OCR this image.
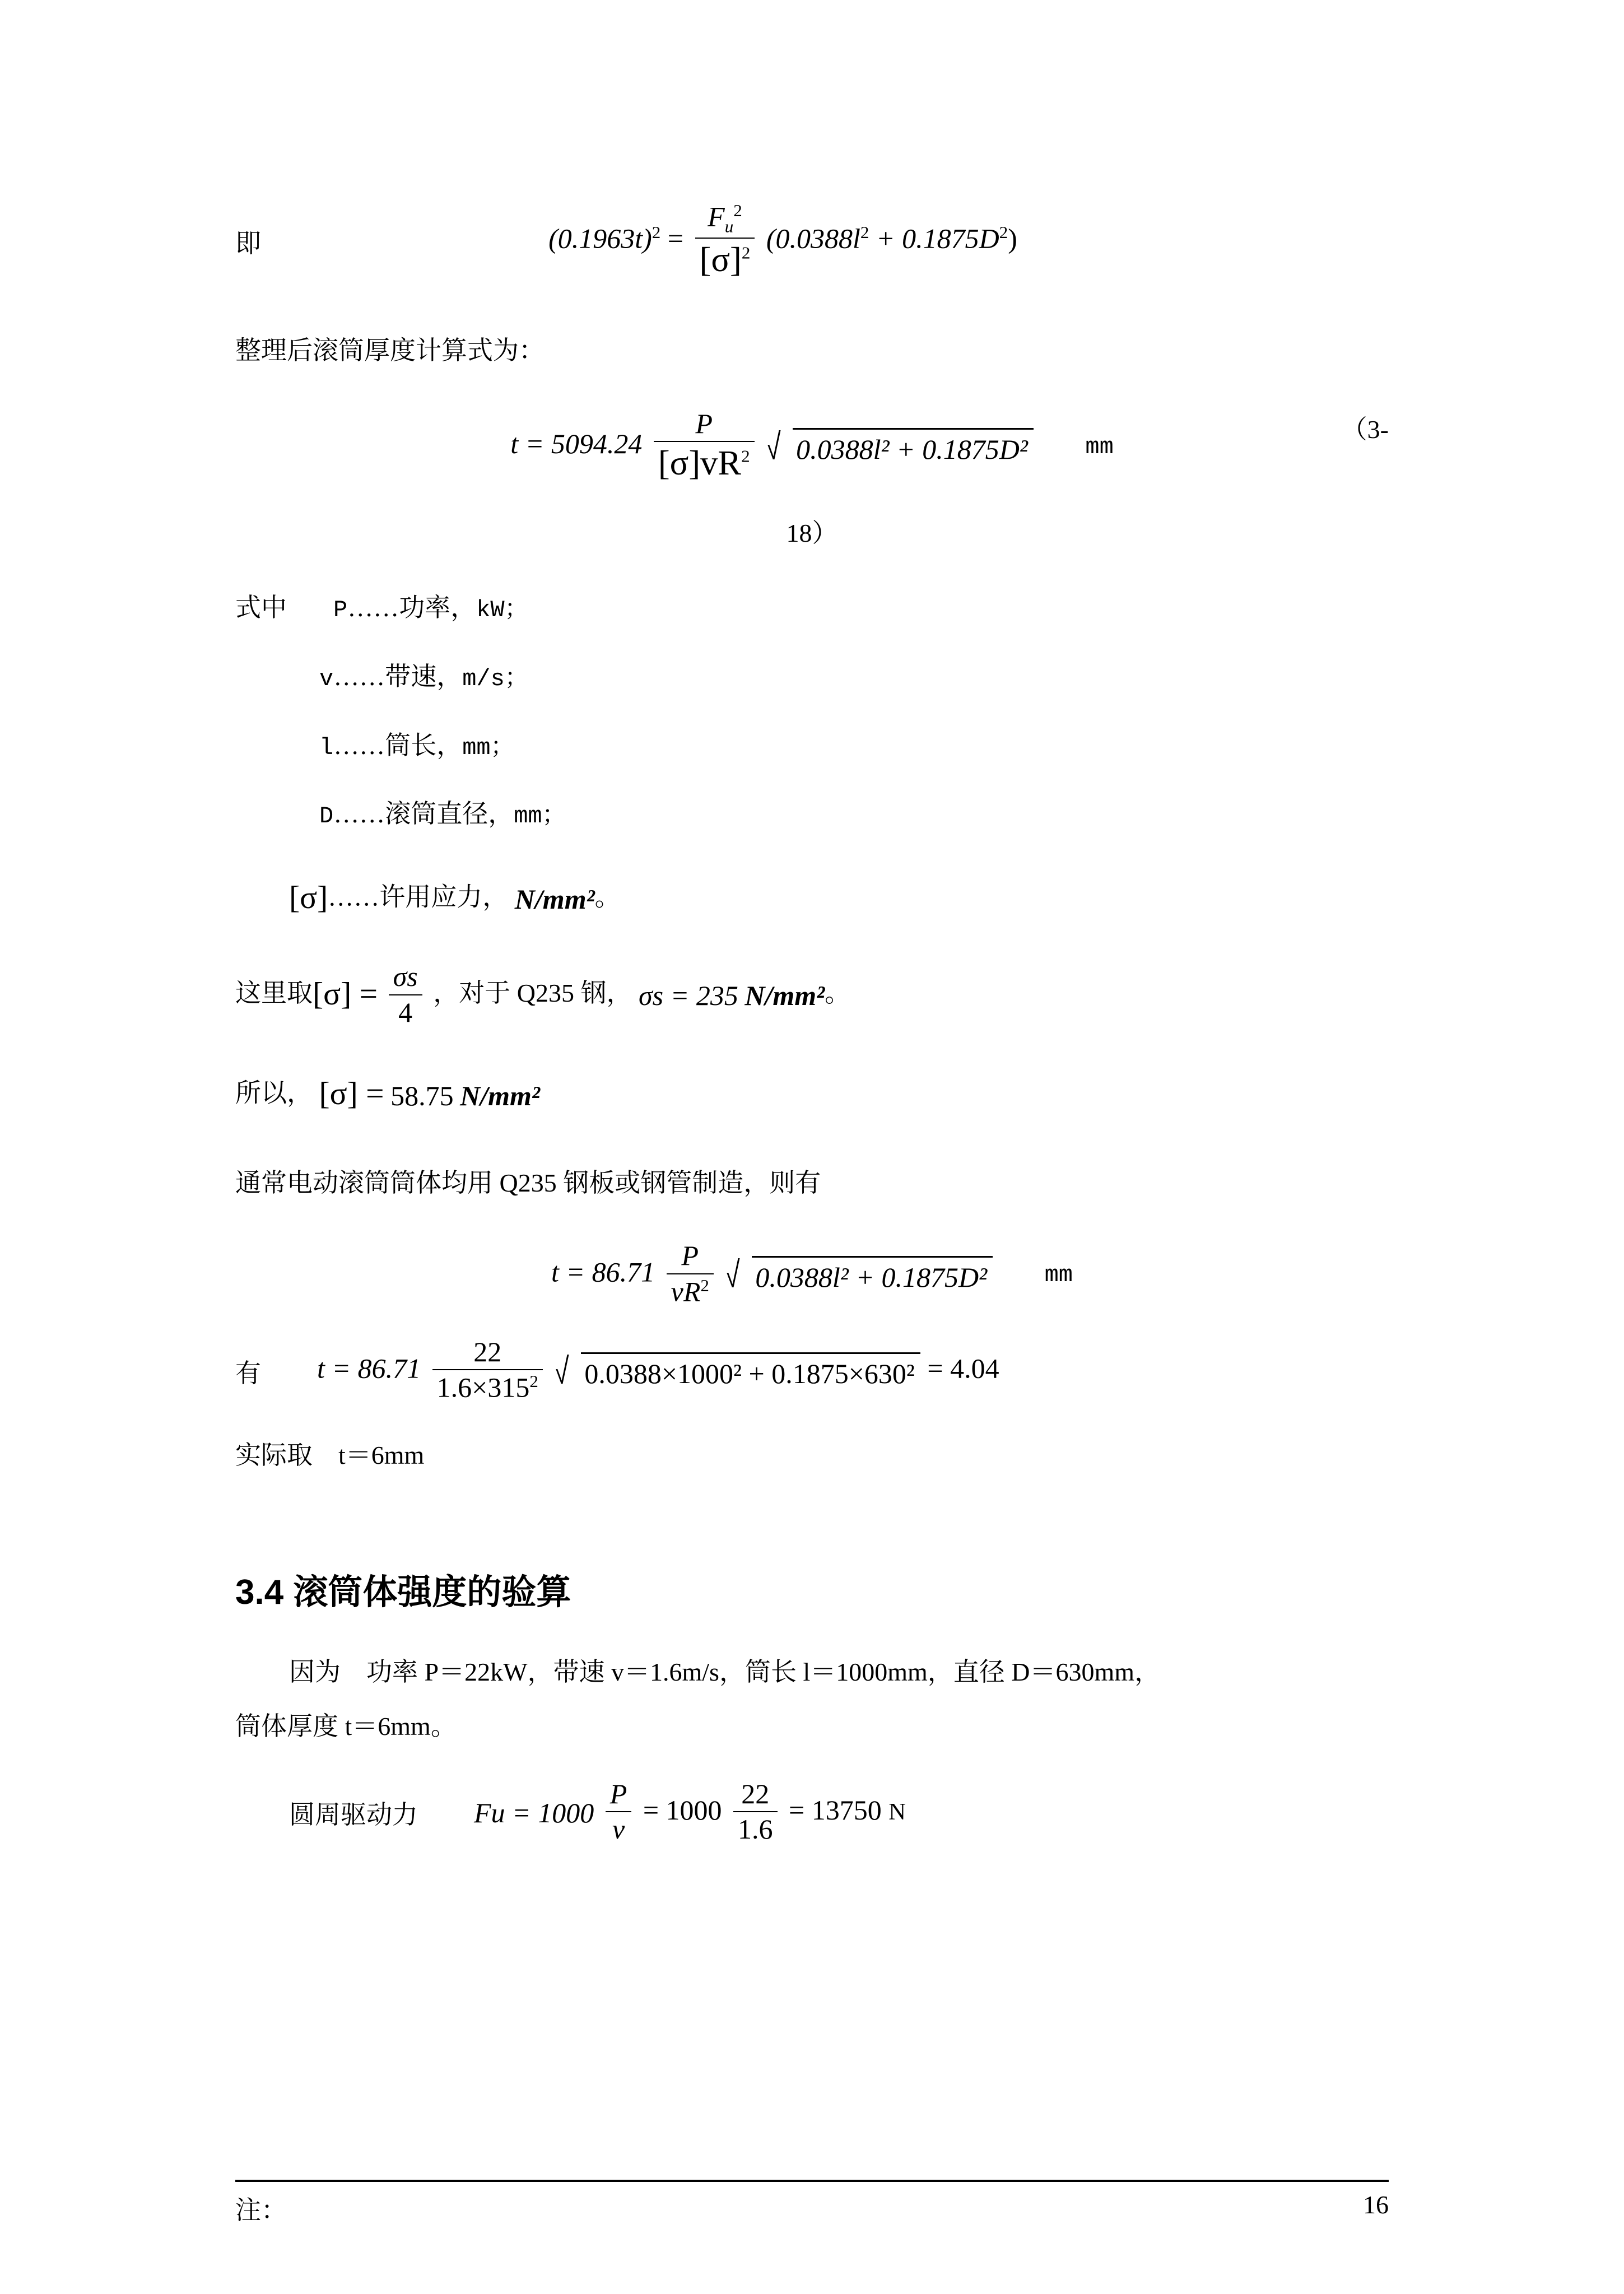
即	$(0.1963t)^2 = \frac{F_u^2}{[\sigma]^2} (0.0388l^2 + 0.1875D^2)$

整理后滚筒厚度计算式为：

$t = 5094.24 \frac{P}{[\sigma]vR^2} 0.0388l^2 + 0.1875D^2$ mm
（3-
18）

式中 P……功率，kW；

v……带速，m/s；

l……筒长，mm；

D……滚筒直径，mm；

[σ]……许用应力， N/mm²。

这里取$[\sigma] = \frac{\sigma s}{4}$ ，对于 Q235 钢， σs = 235 N/mm²。

所以， [σ] = 58.75 N/mm²

通常电动滚筒筒体均用 Q235 钢板或钢管制造，则有

$t = 86.71 \frac{P}{vR^2} 0.0388l^2 + 0.1875D^2$ mm
有	$t = 86.71 \frac{22}{1.6\times 315^2} 0.0388\times 1000^2 + 0.1875\times 630^2 = 4.04$

实际取　t＝6mm

3.4 滚筒体强度的验算

因为　功率 P＝22kW，带速 v＝1.6m/s，筒长 l＝1000mm，直径 D＝630mm，

筒体厚度 t＝6mm。

圆周驱动力	$Fu = 1000 \frac{P}{v} = 1000 \frac{22}{1.6} = 13750$ N
注：	16
